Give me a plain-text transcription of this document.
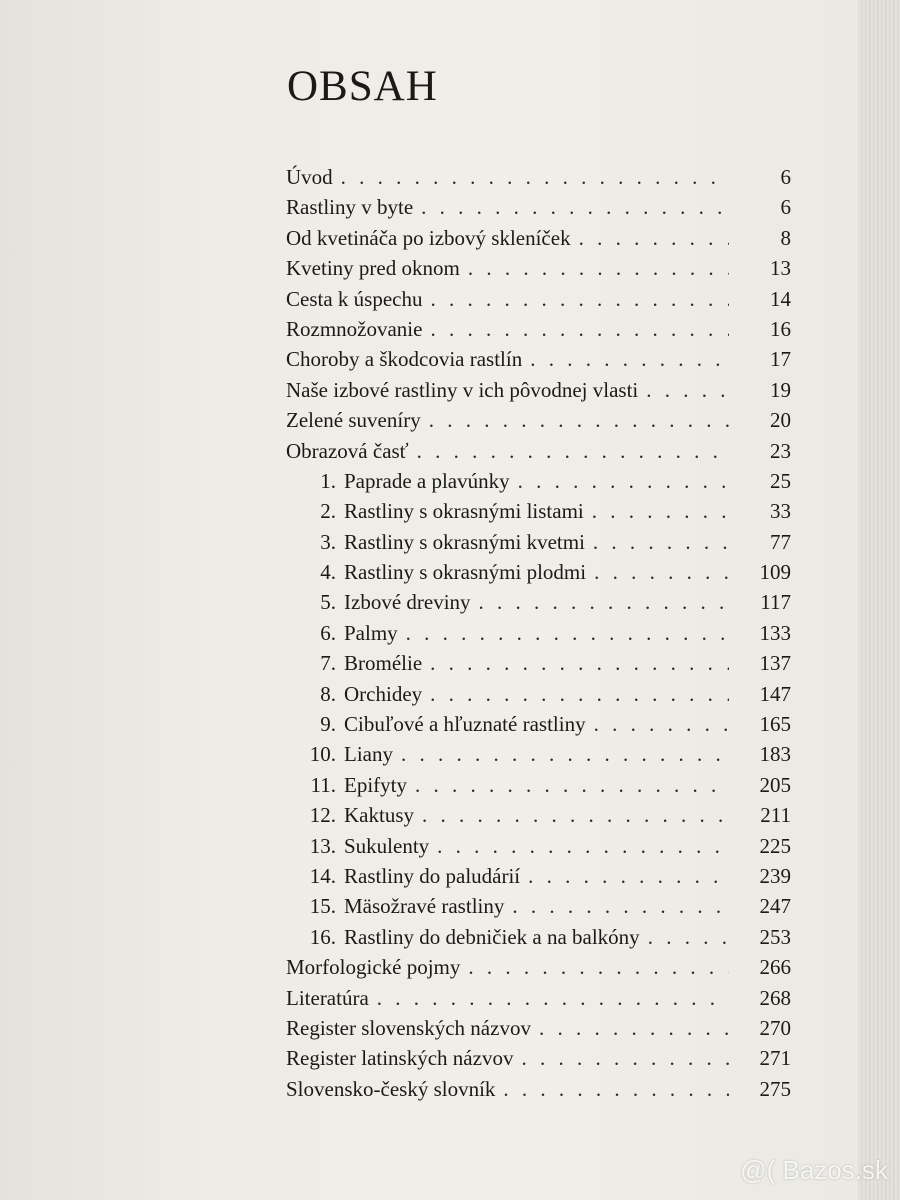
OBSAH
Úvod . . .	6
Rastliny v byte . . .	6
Od kvetináča po izbový skleníček . . .	8
Kvetiny pred oknom . . .	13
Cesta k úspechu . . .	14
Rozmnožovanie . . .	16
Choroby a škodcovia rastlín . . .	17
Naše izbové rastliny v ich pôvodnej vlasti . . .	19
Zelené suveníry . . .	20
Obrazová časť . . .	23
1. Paprade a plavúnky . . .	25
2. Rastliny s okrasnými listami . . .	33
3. Rastliny s okrasnými kvetmi . . .	77
4. Rastliny s okrasnými plodmi . . .	109
5. Izbové dreviny . . .	117
6. Palmy . . .	133
7. Bromélie . . .	137
8. Orchidey . . .	147
9. Cibuľové a hľuznaté rastliny . . .	165
10. Liany . . .	183
11. Epifyty . . .	205
12. Kaktusy . . .	211
13. Sukulenty . . .	225
14. Rastliny do paludárií . . .	239
15. Mäsožravé rastliny . . .	247
16. Rastliny do debničiek a na balkóny . . .	253
Morfologické pojmy . . .	266
Literatúra . . .	268
Register slovenských názvov . . .	270
Register latinských názvov . . .	271
Slovensko-český slovník . . .	275
@( Bazos.sk
